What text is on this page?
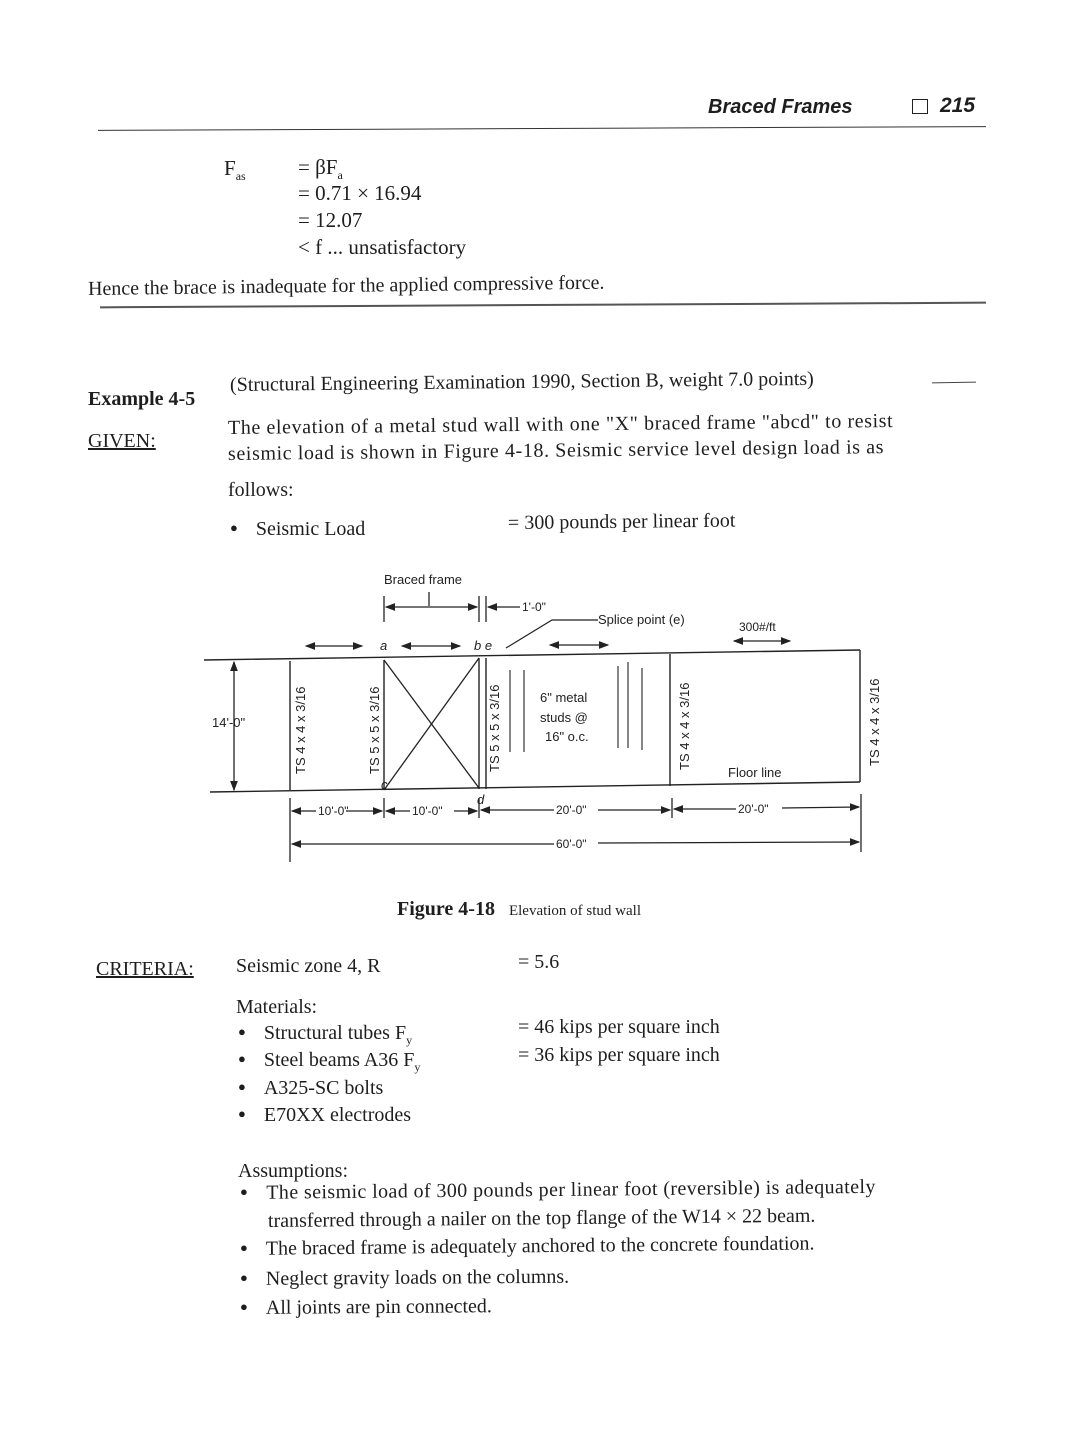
Braced Frames	215
$F_{as} = \beta F_a$
= 0.71 × 16.94
= 12.07
< f ... unsatisfactory
Hence the brace is inadequate for the applied compressive force.
Example 4-5
(Structural Engineering Examination 1990, Section B, weight 7.0 points)
GIVEN:
The elevation of a metal stud wall with one "X" braced frame "abcd" to resist
seismic load is shown in Figure 4-18. Seismic service level design load is as
follows:
● Seismic Load	= 300 pounds per linear foot
Braced frame
1'-0"
Splice point (e)	300#/ft
a	b e
14'-0"	TS 4 x 4 x 3/16	TS 5 x 5 x 3/16	TS 5 x 5 x 3/16	TS 4 x 4 x 3/16	TS 4 x 4 x 3/16
6" metal
studs @
16" o.c.
Floor line
c
d
10'-0"	10'-0"	20'-0"	20'-0"
60'-0"
Figure 4-18 Elevation of stud wall
CRITERIA: Seismic zone 4, R	= 5.6
Materials:
● Structural tubes $F_y$
= 46 kips per square inch
● Steel beams A36 $F_y$
= 36 kips per square inch
● A325-SC bolts
● E70XX electrodes
Assumptions:
● The seismic load of 300 pounds per linear foot (reversible) is adequately
transferred through a nailer on the top flange of the W14 × 22 beam.
● The braced frame is adequately anchored to the concrete foundation.
● Neglect gravity loads on the columns.
● All joints are pin connected.
